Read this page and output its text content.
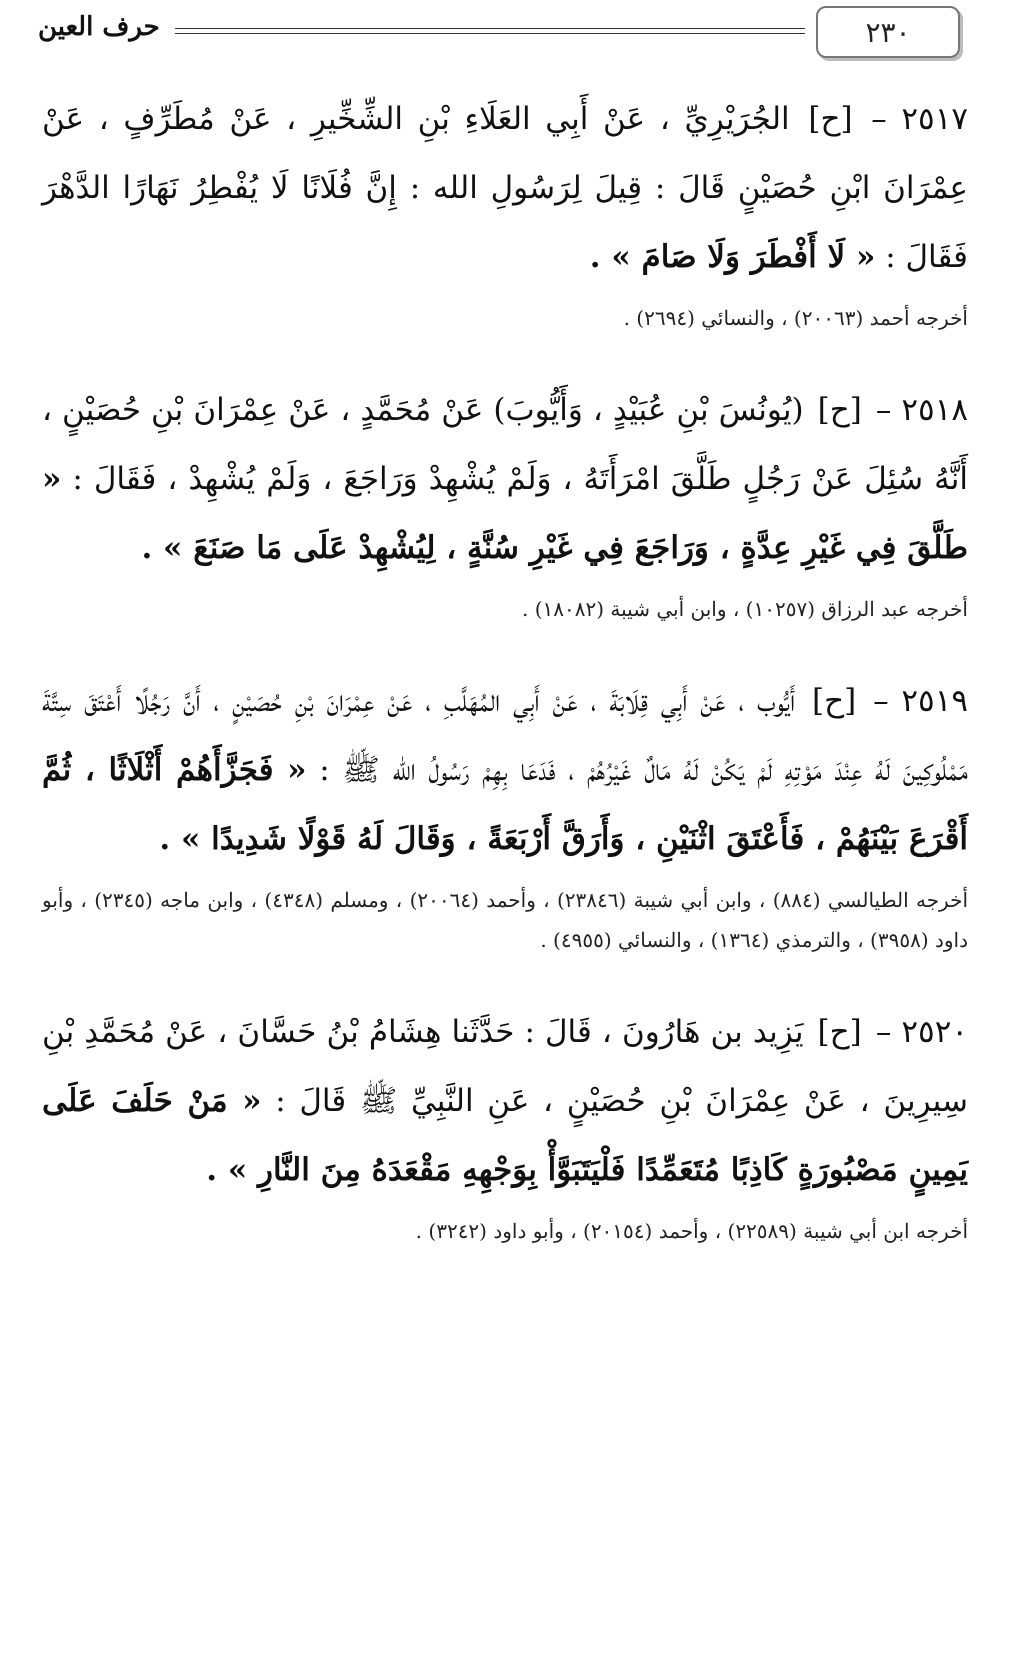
٢٣٠
حرف العين
٢٥١٧ – [ح] الجُرَيْرِيِّ ، عَنْ أَبِي العَلَاءِ بْنِ الشِّخِّيرِ ، عَنْ مُطَرِّفٍ ، عَنْ عِمْرَانَ ابْنِ حُصَيْنٍ قَالَ : قِيلَ لِرَسُولِ الله : إِنَّ فُلَانًا لَا يُفْطِرُ نَهَارًا الدَّهْرَ فَقَالَ : « لَا أَفْطَرَ وَلَا صَامَ » .
أخرجه أحمد (٢٠٠٦٣) ، والنسائي (٢٦٩٤) .
٢٥١٨ – [ح] (يُونُسَ بْنِ عُبَيْدٍ ، وَأَيُّوبَ) عَنْ مُحَمَّدٍ ، عَنْ عِمْرَانَ بْنِ حُصَيْنٍ ، أَنَّهُ سُئِلَ عَنْ رَجُلٍ طَلَّقَ امْرَأَتَهُ ، وَلَمْ يُشْهِدْ وَرَاجَعَ ، وَلَمْ يُشْهِدْ ، فَقَالَ : « طَلَّقَ فِي غَيْرِ عِدَّةٍ ، وَرَاجَعَ فِي غَيْرِ سُنَّةٍ ، لِيُشْهِدْ عَلَى مَا صَنَعَ » .
أخرجه عبد الرزاق (١٠٢٥٧) ، وابن أبي شيبة (١٨٠٨٢) .
٢٥١٩ – [ح] أَيُّوب ، عَنْ أَبِي قِلَابَةَ ، عَنْ أَبِي المُهَلَّبِ ، عَنْ عِمْرَانَ بْنِ حُصَيْنٍ ، أَنَّ رَجُلًا أَعْتَقَ سِتَّةَ مَمْلُوكِينَ لَهُ عِنْدَ مَوْتِهِ لَمْ يَكُنْ لَهُ مَالٌ غَيْرُهُمْ ، فَدَعَا بِهِمْ رَسُولُ الله ﷺ : « فَجَزَّأَهُمْ أَثْلَاثًا ، ثُمَّ أَقْرَعَ بَيْنَهُمْ ، فَأَعْتَقَ اثْنَيْنِ ، وَأَرَقَّ أَرْبَعَةً ، وَقَالَ لَهُ قَوْلًا شَدِيدًا » .
أخرجه الطيالسي (٨٨٤) ، وابن أبي شيبة (٢٣٨٤٦) ، وأحمد (٢٠٠٦٤) ، ومسلم (٤٣٤٨) ، وابن ماجه (٢٣٤٥) ، وأبو داود (٣٩٥٨) ، والترمذي (١٣٦٤) ، والنسائي (٤٩٥٥) .
٢٥٢٠ – [ح] يَزِيد بن هَارُونَ ، قَالَ : حَدَّثَنا هِشَامُ بْنُ حَسَّانَ ، عَنْ مُحَمَّدِ بْنِ سِيرِينَ ، عَنْ عِمْرَانَ بْنِ حُصَيْنٍ ، عَنِ النَّبِيِّ ﷺ قَالَ : « مَنْ حَلَفَ عَلَى يَمِينٍ مَصْبُورَةٍ كَاذِبًا مُتَعَمِّدًا فَلْيَتَبَوَّأْ بِوَجْهِهِ مَقْعَدَهُ مِنَ النَّارِ » .
أخرجه ابن أبي شيبة (٢٢٥٨٩) ، وأحمد (٢٠١٥٤) ، وأبو داود (٣٢٤٢) .
